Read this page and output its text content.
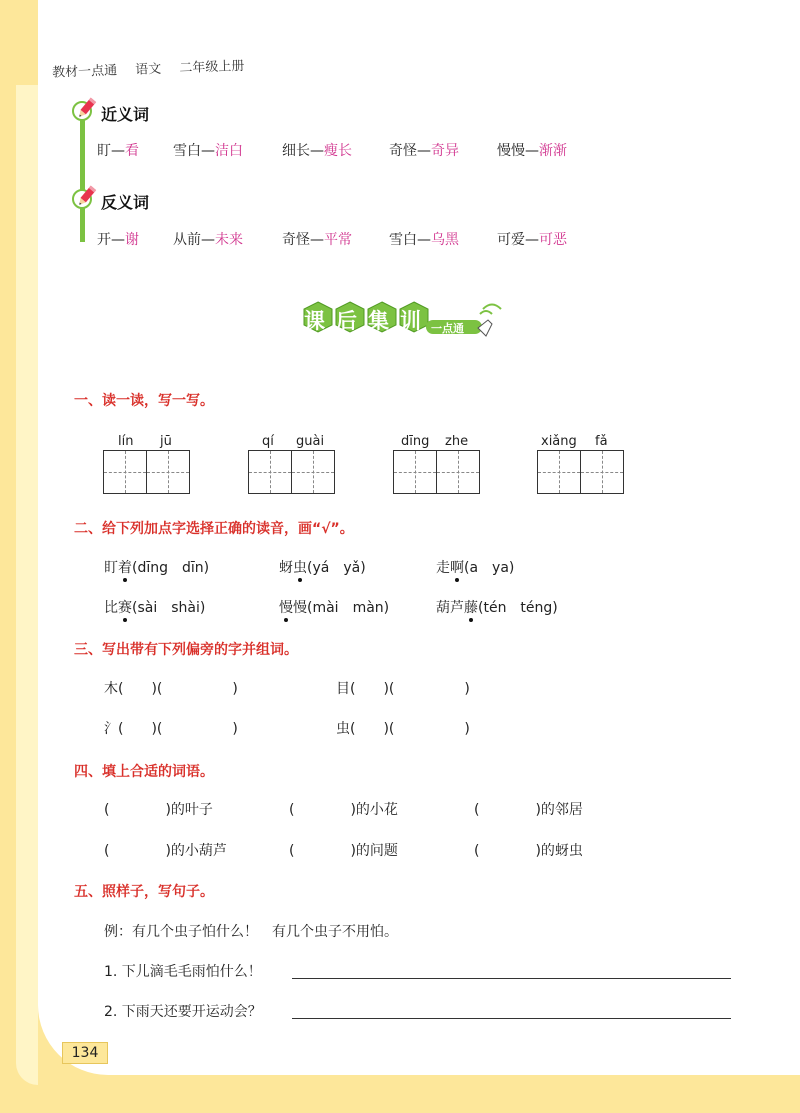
教材一点通 语文 二年级上册
近义词
盯—看 雪白—洁白	细长—瘦长	奇怪—奇异	慢慢—渐渐
反义词
开—谢 从前—未来	奇怪—平常	雪白—乌黑	可爱—可恶
课后集训 一点通
一、读一读，写一写。
lín jū	qí guài	dīng zhe	xiǎng fǎ
二、给下列加点字选择正确的读音，画“√”。
盯着(dīng　dīn)	蚜虫(yá　yǎ)	走啊(a　ya)
比赛(sài　shài)	慢慢(mài　màn)	葫芦藤(tén　téng)
三、写出带有下列偏旁的字并组词。
木(　　)(　　　　　)	目(　　)(　　　　　)
氵(　　)(　　　　　)	虫(　　)(　　　　　)
四、填上合适的词语。
(　　　　)的叶子	(　　　　)的小花	(　　　　)的邻居
(　　　　)的小葫芦	(　　　　)的问题	(　　　　)的蚜虫
五、照样子，写句子。
例：有几个虫子怕什么！　有几个虫子不用怕。
1. 下儿滴毛毛雨怕什么！
2. 下雨天还要开运动会？
134
